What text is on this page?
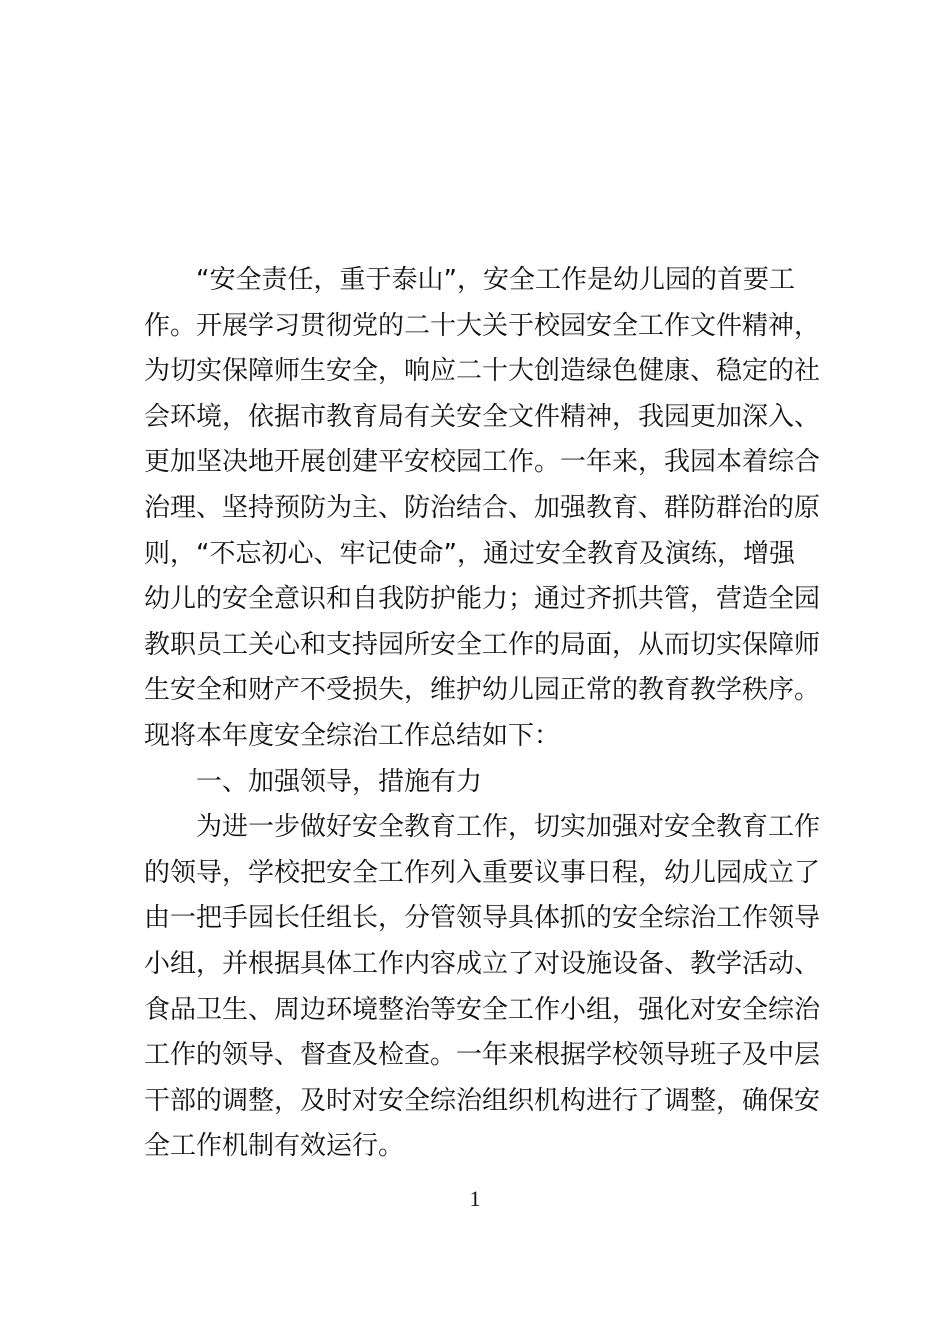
“安全责任，重于泰山”，安全工作是幼儿园的首要工
作。开展学习贯彻党的二十大关于校园安全工作文件精神，
为切实保障师生安全，响应二十大创造绿色健康、稳定的社
会环境，依据市教育局有关安全文件精神，我园更加深入、
更加坚决地开展创建平安校园工作。一年来，我园本着综合
治理、坚持预防为主、防治结合、加强教育、群防群治的原
则，“不忘初心、牢记使命”，通过安全教育及演练，增强
幼儿的安全意识和自我防护能力；通过齐抓共管，营造全园
教职员工关心和支持园所安全工作的局面，从而切实保障师
生安全和财产不受损失，维护幼儿园正常的教育教学秩序。
现将本年度安全综治工作总结如下：
一、加强领导，措施有力
为进一步做好安全教育工作，切实加强对安全教育工作
的领导，学校把安全工作列入重要议事日程，幼儿园成立了
由一把手园长任组长，分管领导具体抓的安全综治工作领导
小组，并根据具体工作内容成立了对设施设备、教学活动、
食品卫生、周边环境整治等安全工作小组，强化对安全综治
工作的领导、督查及检查。一年来根据学校领导班子及中层
干部的调整，及时对安全综治组织机构进行了调整，确保安
全工作机制有效运行。
1
